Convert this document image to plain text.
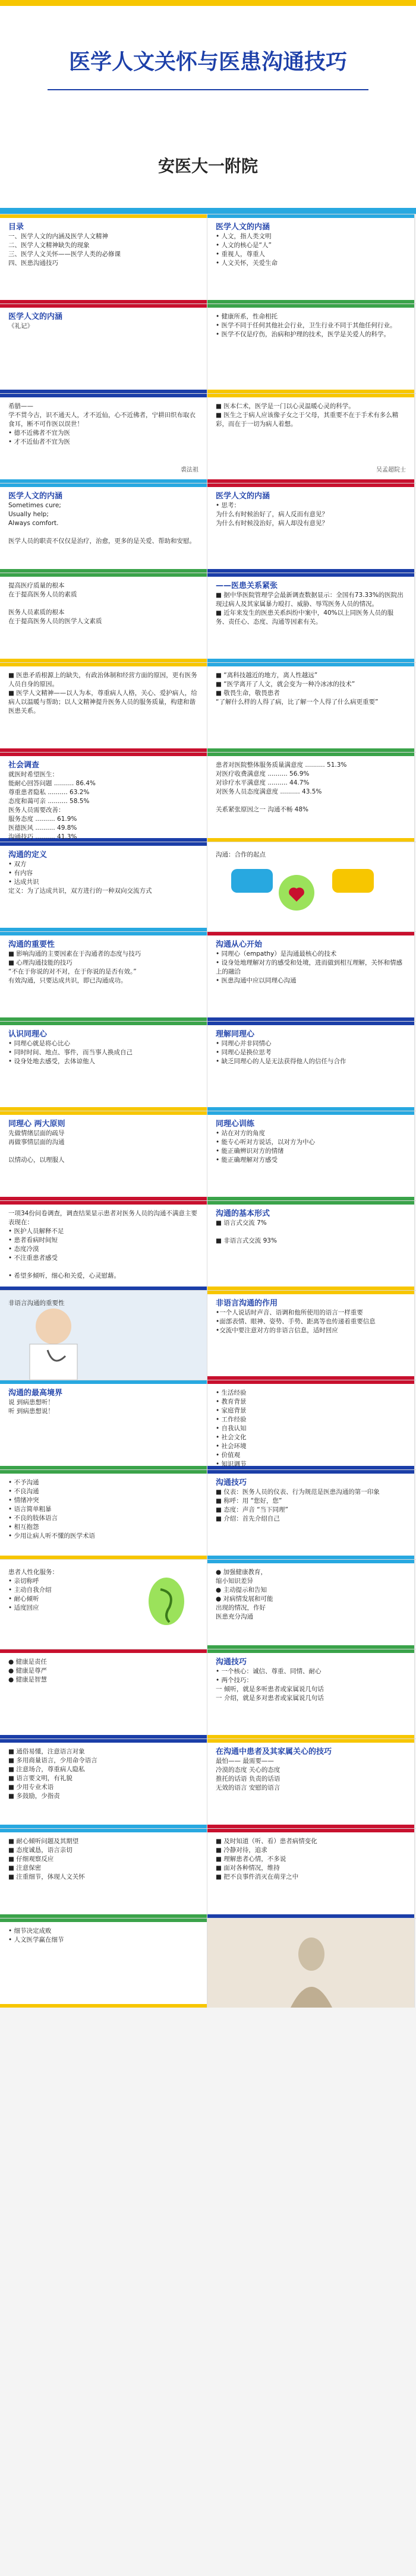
医学人文关怀与医患沟通技巧
安医大一附院
目录
一、医学人文的内涵及医学人文精神
二、医学人文精神缺失的现象
三、医学人文关怀——医学人类的必修课
四、医患沟通技巧
医学人文的内涵
• 人文，指人类文明
• 人文的核心是“人”
• 重视人，尊重人
• 人文关怀，关爱生命
医学人文的内涵
《礼记》
• 健康所系，性命相托
• 医学不同于任何其他社会行业，卫生行业不同于其他任何行业。
• 医学不仅是疗伤，治病和护理的技术，医学是关爱人的科学。
希腊——
学不贯今古，识不通天人，才不近仙，心不近佛者，宁耕田织布取衣食耳，断不可作医以误世！
• 德不近佛者不宜为医
• 才不近仙者不宜为医
裘法祖
■ 医本仁术，医学是一门以心灵温暖心灵的科学。
■ 医生之于病人应该像子女之于父母，其重要不在于手术有多么精彩，而在于一切为病人着想。
吴孟超院士
医学人文的内涵
Sometimes cure;
Usually help;
Always comfort.

医学人员的职责不仅仅是治疗，治愈，更多的是关爱、帮助和安慰。
医学人文的内涵
• 思考：
为什么有时候治好了，病人反而有意见？
为什么有时候没治好，病人却没有意见？
提高医疗质量的根本
在于提高医务人员的素质

医务人员素质的根本
在于提高医务人员的医学人文素质
——医患关系紧张
■ 据中华医院管理学会最新调查数据显示：全国有73.33%的医院出现过病人及其家属暴力殴打、威胁、辱骂医务人员的情况。
■ 近年来发生的医患关系纠纷中案中，40%以上同医务人员的服务、责任心、态度、沟通等因素有关。
■ 医患矛盾根源上的缺失，有政治体制和经营方面的原因，更有医务人员自身的原因。
■ 医学人文精神——以人为本，尊重病人人格，关心、爱护病人，给病人以温暖与帮助；以人文精神提升医务人员的服务质量，构建和谐医患关系。
■ “离科技越近的地方，离人性越远”
■ “医学离开了人文，就会变为一种冷冰冰的技术”
■ 敬畏生命，敬畏患者
“了解什么样的人得了病，比了解一个人得了什么病更重要”
社会调查
就医时希望医生：
能耐心回答问题 .......... 86.4%
尊重患者隐私 .......... 63.2%
态度和蔼可亲 .......... 58.5%
医务人员需要改善：
服务态度 .......... 61.9%
医德医风 .......... 49.8%
沟通技巧 .......... 41.3%
患者对医院整体服务质量满意度 .......... 51.3%
对医疗收费满意度 .......... 56.9%
对诊疗水平满意度 .......... 44.7%
对医务人员态度满意度 .......... 43.5%

关系紧张原因之一 沟通不畅 48%
沟通的定义
• 双方
• 有内容
• 达成共识
定义：为了达成共识，双方进行的一种双向交流方式
沟通：合作的起点
沟通的重要性
■ 影响沟通的主要因素在于沟通者的态度与技巧
■ 心理沟通技能的技巧
“不在于你说的对不对，在于你说的是否有效。”
有效沟通，只要达成共识，即已沟通成功。
沟通从心开始
• 同理心（empathy）是沟通最核心的技术
• 设身处地理解对方的感受和处境，进而做到相互理解，关怀和情感上的融洽
• 医患沟通中应以同理心沟通
认识同理心
• 同理心就是将心比心
• 同时时间、地点、事件，而当事人换成自己
• 设身处地去感受，去体谅他人
理解同理心
• 同理心并非同情心
• 同理心是换位思考
• 缺乏同理心的人是无法获得他人的信任与合作
同理心 两大原则
先做情绪层面的疏导
再做事情层面的沟通

以情动心，以理服人
同理心训练
• 站在对方的角度
• 能专心听对方说话，以对方为中心
• 能正确辨识对方的情绪
• 能正确理解对方感受
一项34份问卷调查，调查结果显示患者对医务人员的沟通不满意主要表现在：
• 医护人员解释不足
• 患者看病时间短
• 态度冷漠
• 不注重患者感受

• 希望多倾听，细心和关爱，心灵慰藉。
沟通的基本形式
■ 语言式交流 7%

■ 非语言式交流 93%
非语言沟通的重要性	非语言沟通的作用
•一个人说话时声音、语调和他所使用的语言一样重要
•面部表情、眼神、姿势、手势、距离等也传递着重要信息
•交流中要注意对方的非语言信息，适时回应
沟通的最高境界
说 到病患想听！
听 到病患想说！
• 生活经验
• 教育背景
• 家庭背景
• 工作经验
• 自我认知
• 社会文化
• 社会环境
• 价值观
• 知识调节
• 不予沟通
• 不良沟通
• 情绪冲突
• 语言简单粗暴
• 不良的肢体语言
• 相互抱怨
• 少用让病人听不懂的医学术语
沟通技巧
■ 仪表：医务人员的仪表、行为规范是医患沟通的第一印象
■ 称呼：用 “您好，您”
■ 态度：声音 “当下同理”
■ 介绍：首先介绍自己
患者人性化服务：
• 亲切称呼
• 主动自我介绍
• 耐心倾听
• 适度回应
● 加强健康教育，
缩小知识差异
● 主动提示和告知
● 对病情发展和可能
出现的情况，作好
医患充分沟通
● 健康是责任
● 健康是尊严
● 健康是智慧
沟通技巧
• 一个核心：诚信、尊重、同情、耐心
• 两个技巧：
一 倾听，就是多听患者或家属说几句话
一 介绍，就是多对患者或家属说几句话
■ 通俗易懂，注意语言对象
■ 多用商量语言，少用命令语言
■ 注意场合，尊重病人隐私
■ 语言要文明，有礼貌
■ 少用专业术语
■ 多鼓励，少指责
在沟通中患者及其家属关心的技巧
最怕—— 最需要——
冷漠的态度 关心的态度
推托的话语 负责的话语
无效的语言 安慰的语言
■ 耐心倾听问题及其期望
■ 态度诚恳，语言亲切
■ 仔细观察反应
■ 注意保密
■ 注重细节，体现人文关怀
■ 及时知道（听、看）患者病情变化
■ 冷静对待，追求
■ 理解患者心情，不多说
■ 面对各种情况，维持
■ 把不良事件消灭在萌芽之中
• 细节决定成败
• 人文医学赢在细节
